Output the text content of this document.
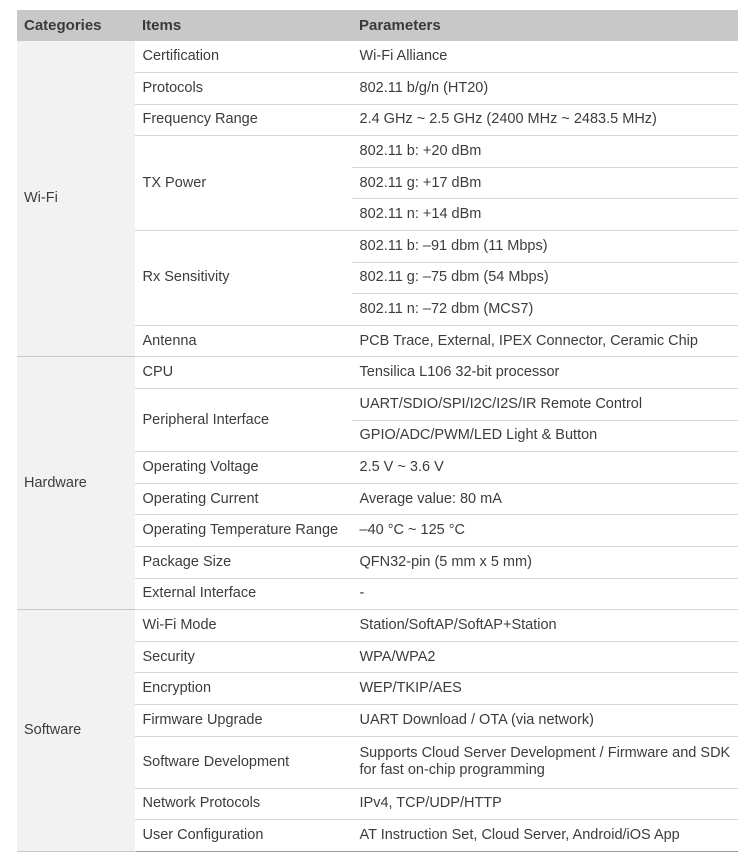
Categories	Items	Parameters
Wi-Fi	Certification	Wi-Fi Alliance
	Protocols	802.11 b/g/n (HT20)
	Frequency Range	2.4 GHz ~ 2.5 GHz (2400 MHz ~ 2483.5 MHz)
	TX Power	802.11 b: +20 dBm
		802.11 g: +17 dBm
		802.11 n: +14 dBm
	Rx Sensitivity	802.11 b: –91 dbm (11 Mbps)
		802.11 g: –75 dbm (54 Mbps)
		802.11 n: –72 dbm (MCS7)
	Antenna	PCB Trace, External, IPEX Connector, Ceramic Chip
Hardware	CPU	Tensilica L106 32-bit processor
	Peripheral Interface	UART/SDIO/SPI/I2C/I2S/IR Remote Control
		GPIO/ADC/PWM/LED Light & Button
	Operating Voltage	2.5 V ~ 3.6 V
	Operating Current	Average value: 80 mA
	Operating Temperature Range	–40 °C ~ 125 °C
	Package Size	QFN32-pin (5 mm x 5 mm)
	External Interface	-
Software	Wi-Fi Mode	Station/SoftAP/SoftAP+Station
	Security	WPA/WPA2
	Encryption	WEP/TKIP/AES
	Firmware Upgrade	UART Download / OTA (via network)
	Software Development	Supports Cloud Server Development / Firmware and SDK for fast on-chip programming
	Network Protocols	IPv4, TCP/UDP/HTTP
	User Configuration	AT Instruction Set, Cloud Server, Android/iOS App
